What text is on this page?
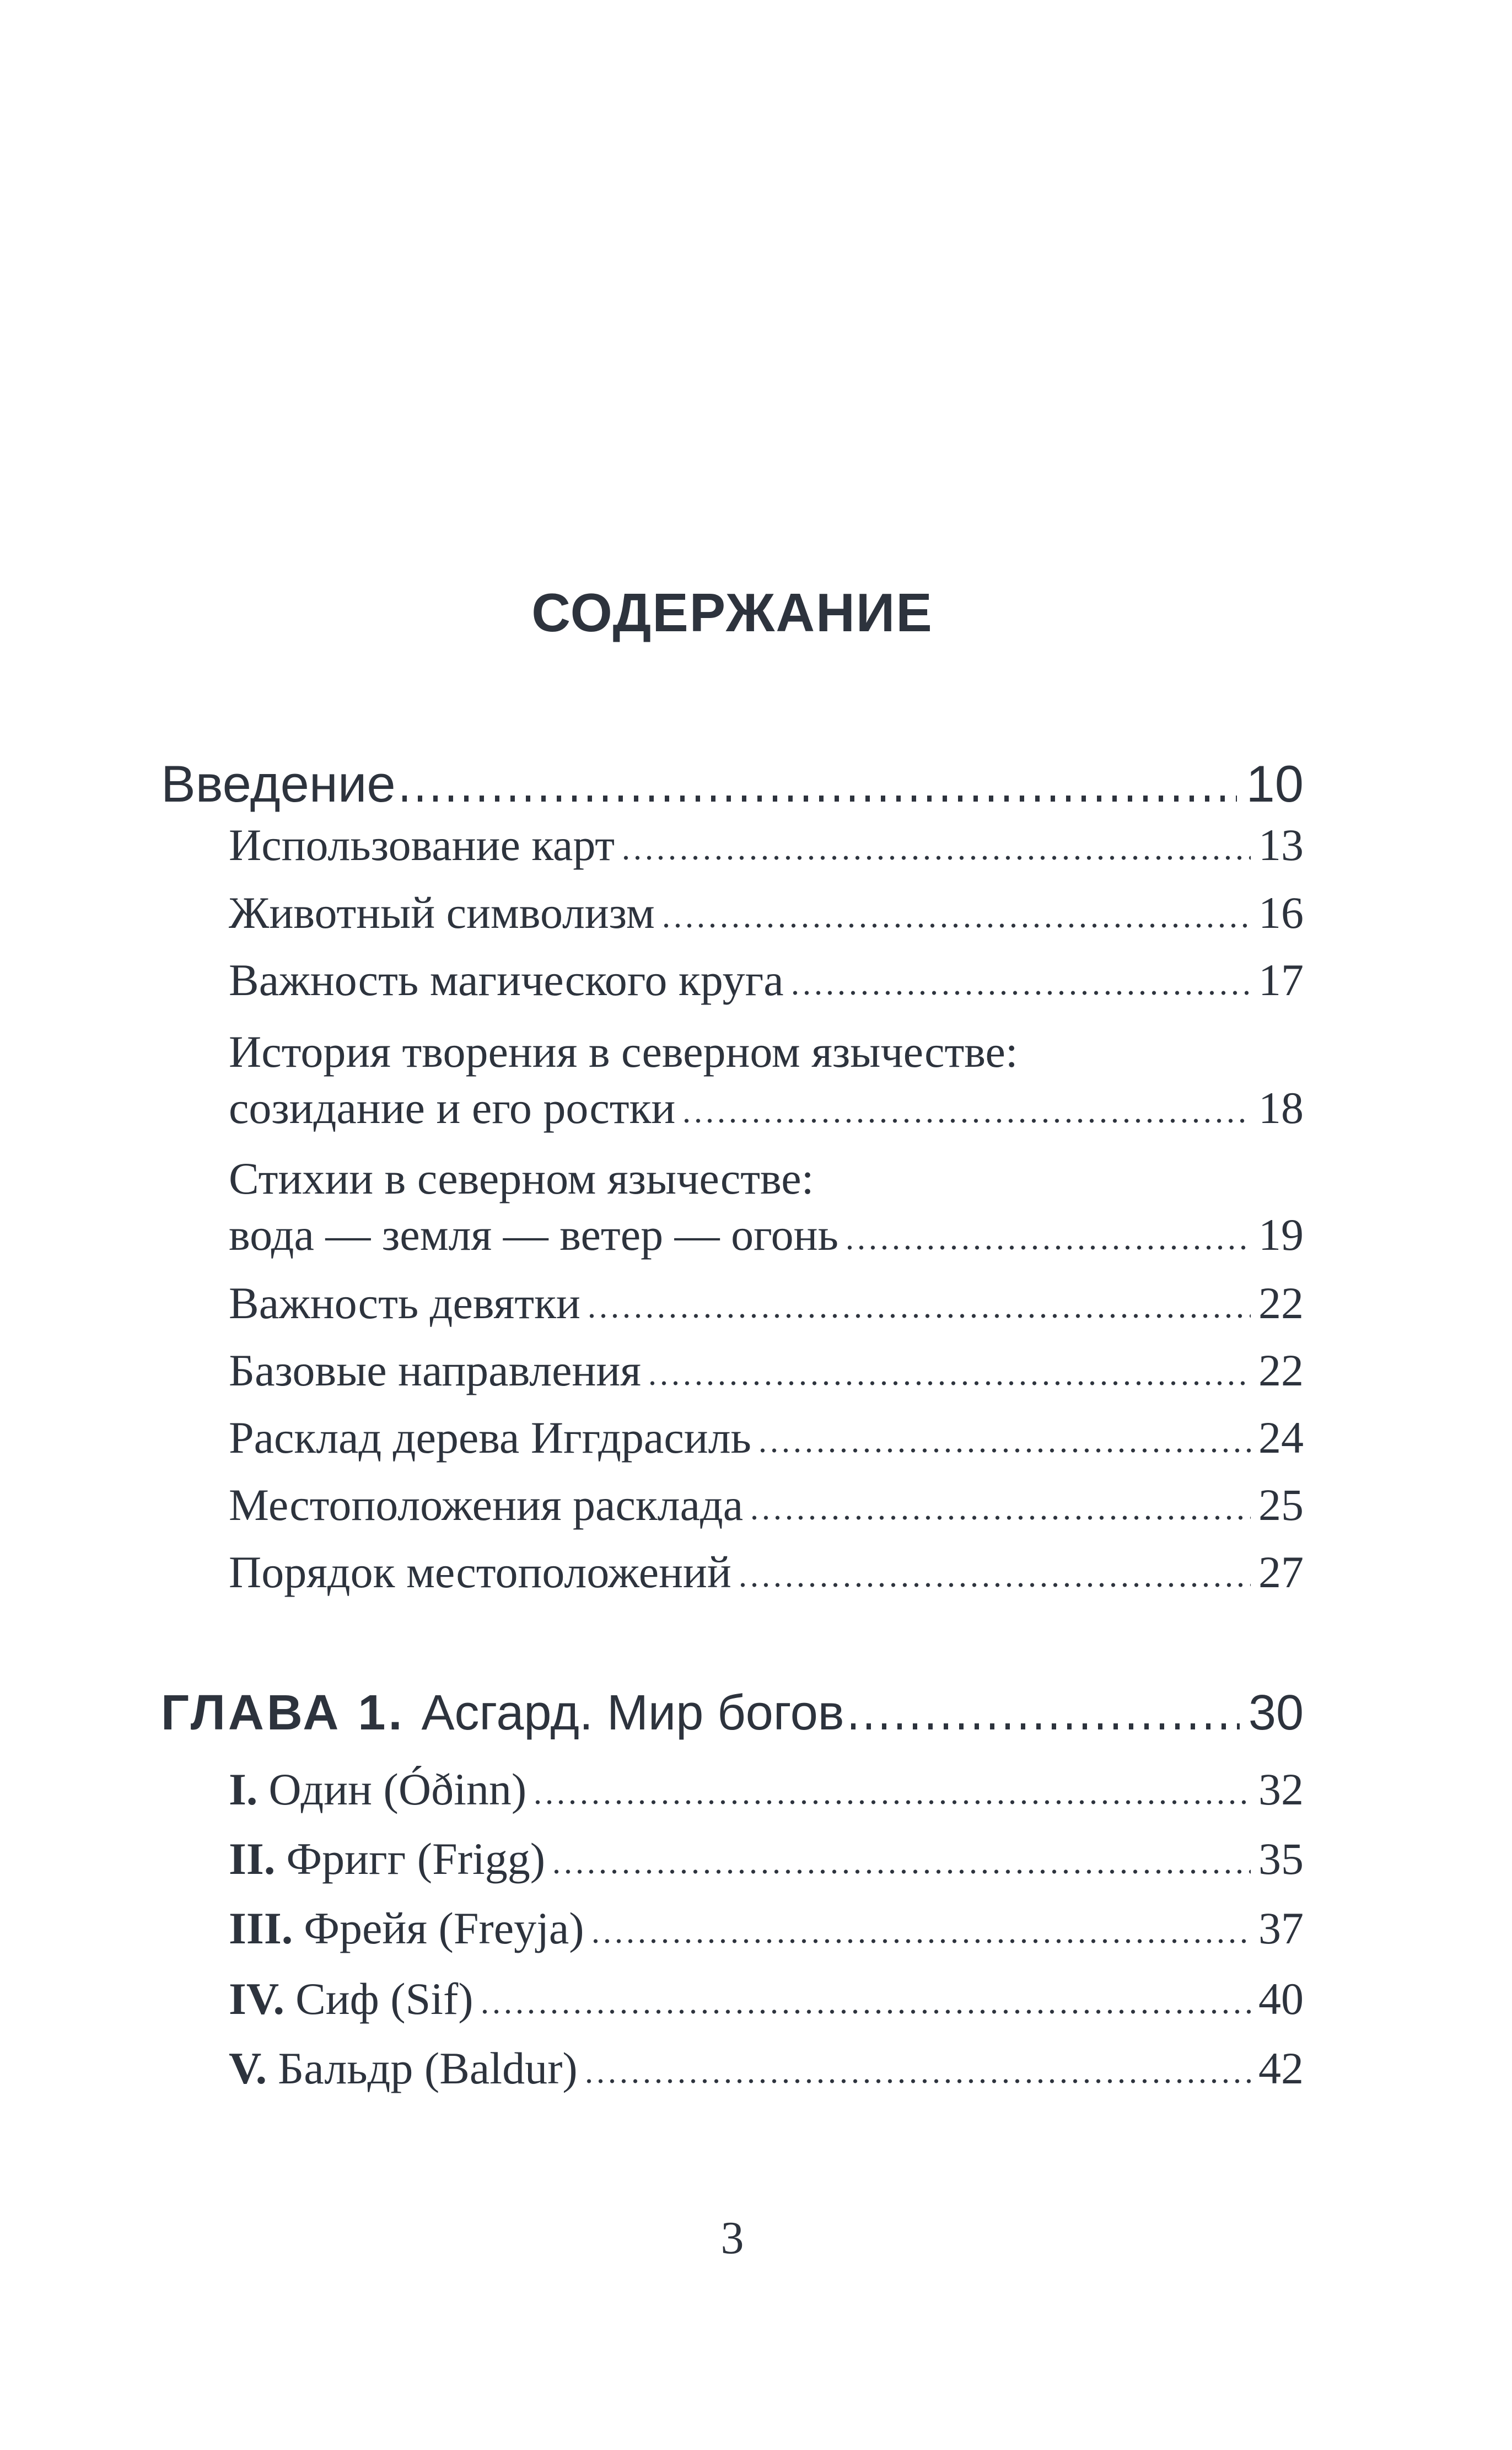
СОДЕРЖАНИЕ
Введение	10
Использование карт	13
Животный символизм	16
Важность магического круга	17
История творения в северном язычестве:
созидание и его ростки	18
Стихии в северном язычестве:
вода — земля — ветер — огонь	19
Важность девятки	22
Базовые направления	22
Расклад дерева Иггдрасиль	24
Местоположения расклада	25
Порядок местоположений	27
ГЛАВА 1. Асгард. Мир богов	30
I. Один (Óðinn)	32
II. Фригг (Frigg)	35
III. Фрейя (Freyja)	37
IV. Сиф (Sif)	40
V. Бальдр (Baldur)	42
3
